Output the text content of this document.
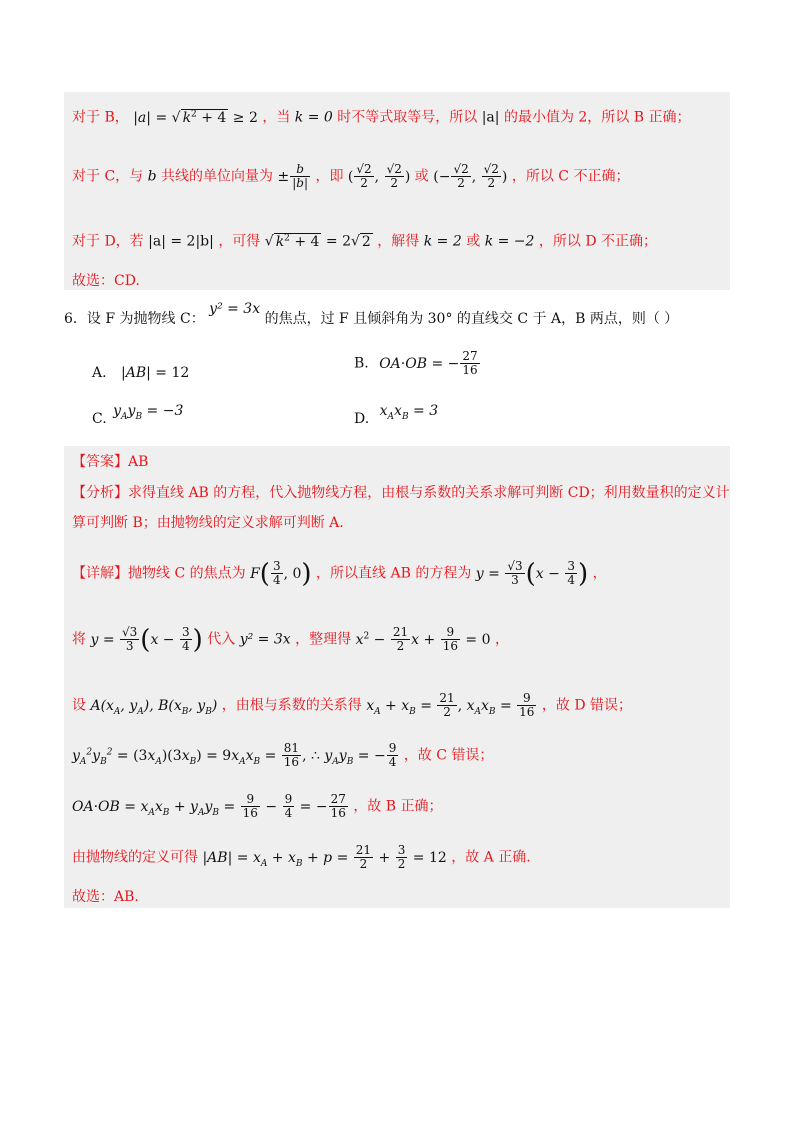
对于 B， |a| = √ $k^2 + 4 \ge 2$ ，当 k = 0 时不等式取等号，所以 |a| 的最小值为 2，所以 B 正确；
对于 C，与 b 共线的单位向量为 ± $\frac{b}{|b|}$ ，即 ( $\frac{√2}{2}$ , $\frac{√2}{2}$ ) 或 (− $\frac{√2}{2}$ , $\frac{√2}{2}$ ) ，所以 C 不正确；
对于 D，若 |a| = 2|b| ，可得 √ $k^2 + 4 = 2√$ 2 ，解得 k = 2 或 k = −2 ，所以 D 不正确；
故选：CD.
6．设 F 为抛物线 C： y² = 3x 的焦点，过 F 且倾斜角为 30° 的直线交 C 于 A，B 两点，则（ ）
A. |AB| = 12
B. OA·OB = − $\frac{27}{16}$
C. $y_Ay_B = -3$	D. $x_Ax_B = 3$
【答案】AB
【分析】求得直线 AB 的方程，代入抛物线方程，由根与系数的关系求解可判断 CD；利用数量积的定义计
算可判断 B；由抛物线的定义求解可判断 A.
【详解】抛物线 C 的焦点为 $F( \frac{3}{4}$ , 0) ，所以直线 AB 的方程为 $y = \frac{√3}{3} (x - \frac{3}{4}$ ) ，
将 $y = \frac{√3}{3} (x - \frac{3}{4}$ ) 代入 y² = 3x ，整理得 $x^2 - \frac{21}{2}$ $x + \frac{9}{16} = 0$ ，
设 $A(x_A$, $y_A$), $B(x_B$, $y_B$) ，由根与系数的关系得 $x_A + x_B = \frac{21}{2}$ , $x_Ax_B = \frac{9}{16}$ ，故 D 错误；
$y_A^2y_B^2 = (3x_A)(3x_B) = 9x_Ax_B = \frac{81}{16}$ , ∴ $y_Ay_B$ = − $\frac{9}{4}$ ，故 C 错误；
$OA\cdot OB = x_Ax_B + y_Ay_B = \frac{9}{16} - \frac{9}{4}$ = − $\frac{27}{16}$ ，故 B 正确；
由抛物线的定义可得 $|AB| = x_A + x_B + p = \frac{21}{2} + \frac{3}{2} = 12$ ，故 A 正确.
故选：AB.
